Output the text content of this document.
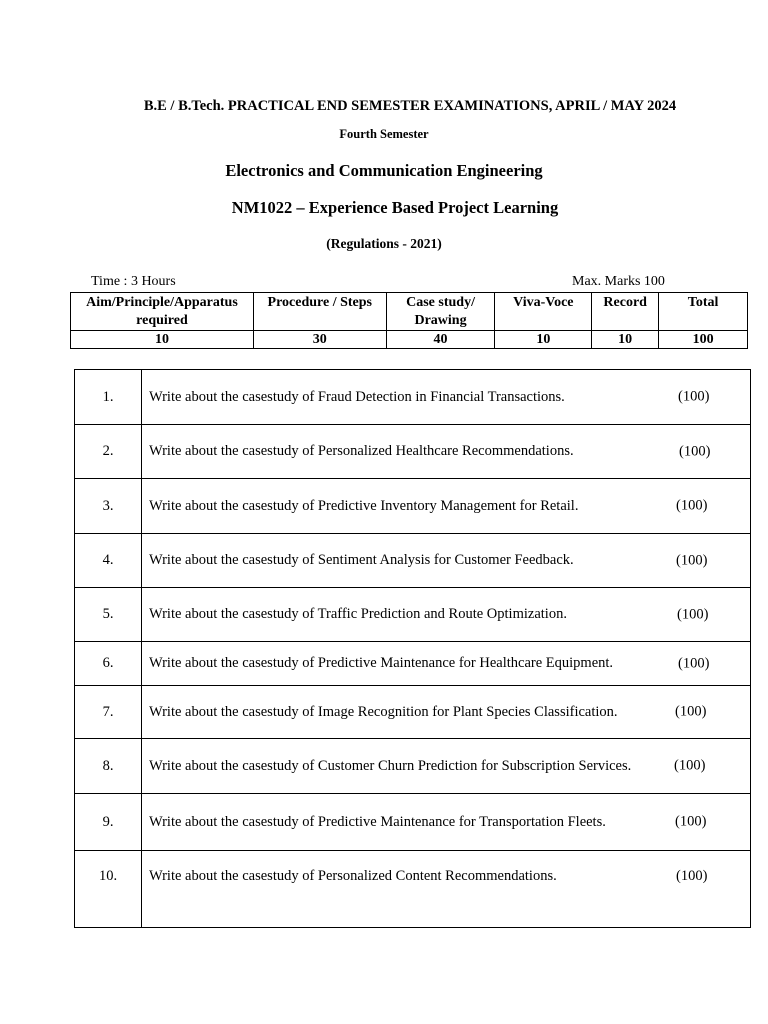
B.E / B.Tech. PRACTICAL END SEMESTER EXAMINATIONS, APRIL / MAY 2024
Fourth Semester
Electronics and Communication Engineering
NM1022 – Experience Based Project Learning
(Regulations - 2021)
Time : 3 Hours	Max. Marks 100
Aim/Principle/Apparatus required	Procedure / Steps	Case study/ Drawing	Viva-Voce	Record	Total
10	30	40	10	10	100
1.	Write about the casestudy of Fraud Detection in Financial Transactions. (100)

2.	Write about the casestudy of Personalized Healthcare Recommendations. (100)

3.	Write about the casestudy of Predictive Inventory Management for Retail. (100)

4.	Write about the casestudy of Sentiment Analysis for Customer Feedback. (100)

5.	Write about the casestudy of Traffic Prediction and Route Optimization. (100)

6.	Write about the casestudy of Predictive Maintenance for Healthcare Equipment. (100)

7.	Write about the casestudy of Image Recognition for Plant Species Classification. (100)

8.	Write about the casestudy of Customer Churn Prediction for Subscription Services. (100)

9.	Write about the casestudy of Predictive Maintenance for Transportation Fleets. (100)

10.	Write about the casestudy of Personalized Content Recommendations. (100)
